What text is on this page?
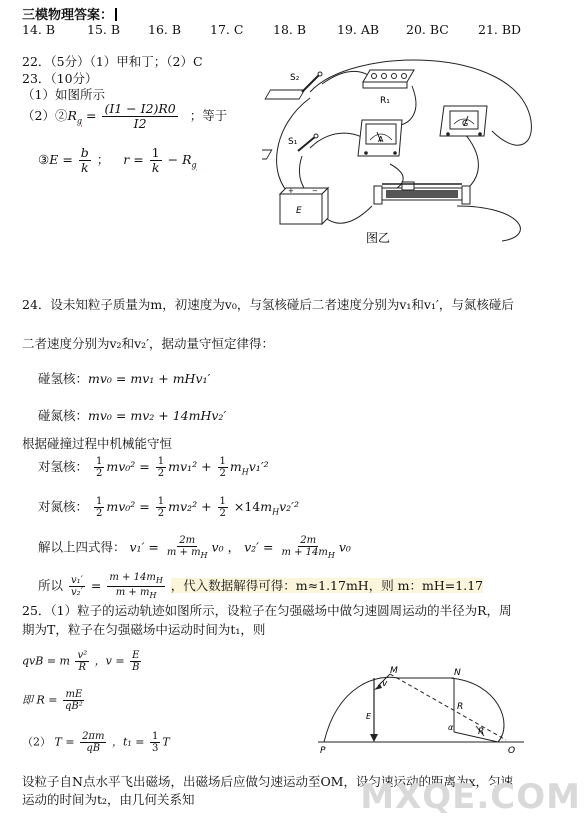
三模物理答案：
14. B	15. B 16. B 17. C 18. B 19. AB 20. BC 21. BD
22．（5分）（1）甲和丁；（2）C
23．（10分）
（1）如图所示
$(2)②R_g = \frac{(I1 - I2)R0}{I2}$ ；等于
③E = $\frac{b}{k}$ ； $r = \frac{1}{k} - R_g$
S₂
S₁
R₁
G
A
+	−
E
图乙
24．设未知粒子质量为m，初速度为v₀，与氢核碰后二者速度分别为v₁和v₁′，与氮核碰后
二者速度分别为v₂和v₂′，据动量守恒定律得：
碰氢核：mv₀ = mv₁ + mHv₁′
碰氮核：mv₀ = mv₂ + 14mHv₂′
根据碰撞过程中机械能守恒
对氢核： $\frac{1}{2} mv_0^2 = \frac{1}{2} mv_1^2 + \frac{1}{2} m_Hv_1'^2$
对氮核： $\frac{1}{2} mv_0^2 = \frac{1}{2} mv_2^2 + \frac{1}{2} \times 14m_Hv_2'^2$
解以上四式得： $v_1' = \frac{2m}{m + m_H} v_0$ ， $v_2' = \frac{2m}{m + 14m_H} v_0$
所以 $\frac{\text{v₁′}}{\text{v₂′}} = \frac{m + 14m_H}{m + m_H}$ ，代入数据解得可得：m≈1.17mH，则 m：mH=1.17
25．（1）粒子的运动轨迹如图所示，设粒子在匀强磁场中做匀速圆周运动的半径为R，周
期为T，粒子在匀强磁场中运动时间为t₁，则
qvB = m $\frac{\text{v²}}{R}$ ，$v = \frac{E}{B}$
即 $R = \frac{mE}{\text{qB²}}$
（2） $T = \frac{2\pi m}{qB}$ ，$t_1 = \frac{1}{3}$ T
设粒子自N点水平飞出磁场，出磁场后应做匀速运动至OM，设匀速运动的距离为x，匀速
运动的时间为t₂，由几何关系知
M	N
R
R
v
E
P	O
α
MXQE.COM
